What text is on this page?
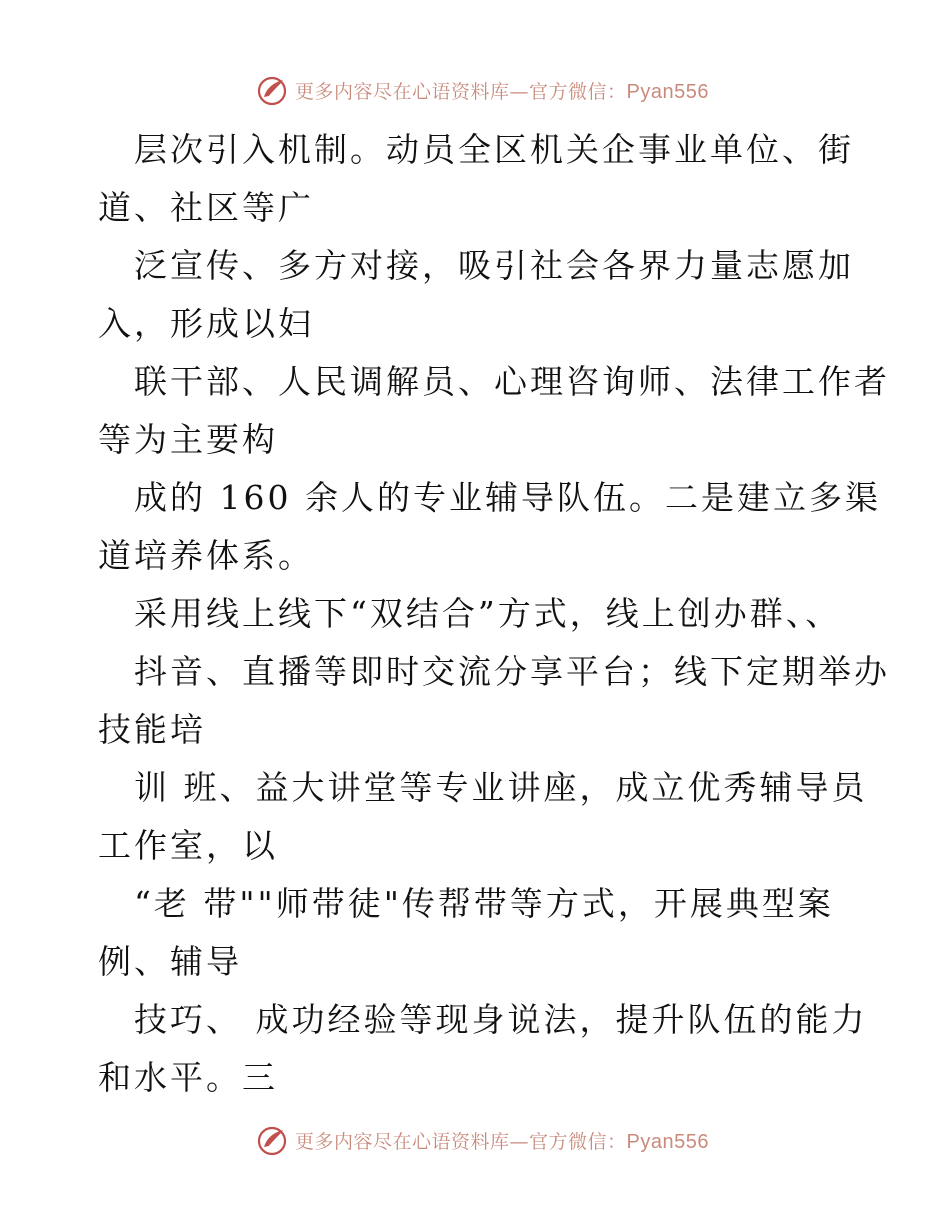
更多内容尽在心语资料库—官方微信：Pyan556
层次引入机制。动员全区机关企事业单位、街
道、社区等广
泛宣传、多方对接，吸引社会各界力量志愿加
入，形成以妇
联干部、人民调解员、心理咨询师、法律工作者
等为主要构
成的 160 余人的专业辅导队伍。二是建立多渠
道培养体系。
采用线上线下“双结合”方式，线上创办群、、
抖音、直播等即时交流分享平台；线下定期举办
技能培
训 班、益大讲堂等专业讲座，成立优秀辅导员
工作室，以
“老 带""师带徒"传帮带等方式，开展典型案
例、辅导
技巧、 成功经验等现身说法，提升队伍的能力
和水平。三
更多内容尽在心语资料库—官方微信：Pyan556
